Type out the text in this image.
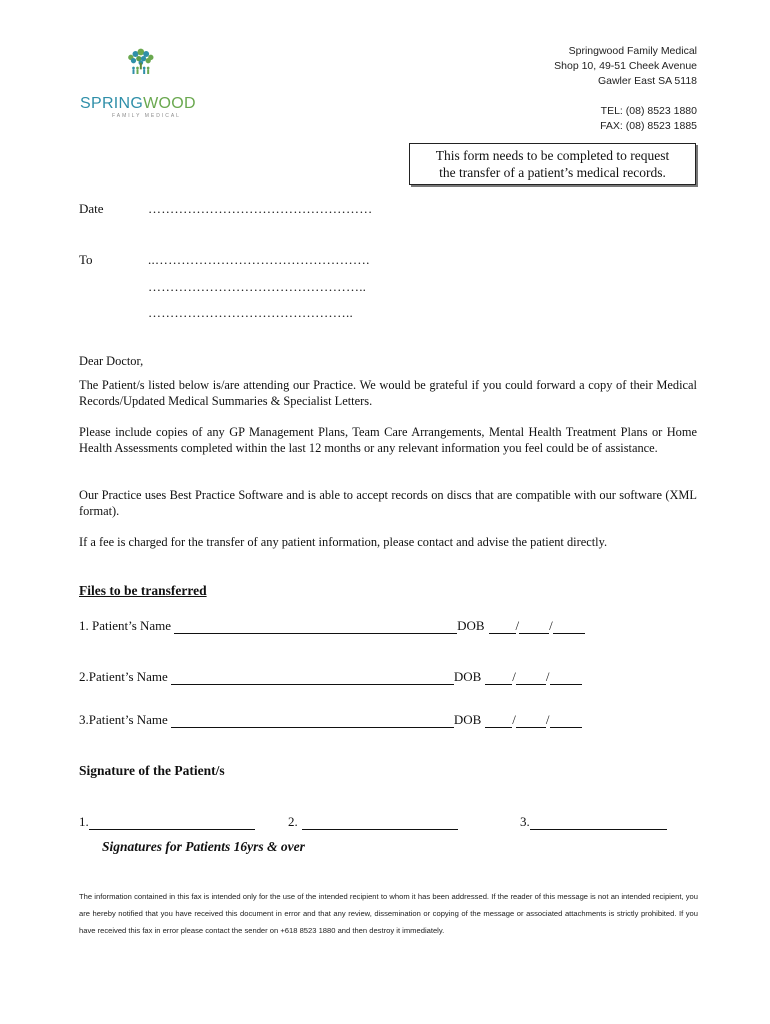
SPRINGWOOD
FAMILY MEDICAL
Springwood Family Medical
Shop 10, 49-51 Cheek Avenue
Gawler East SA 5118
TEL: (08) 8523 1880
FAX: (08) 8523 1885
This form needs to be completed to request
the transfer of a patient’s medical records.
Date	……………………………………………
To	..………………………………………….
…………………………………………..
………………………………………..
Dear Doctor,
The Patient/s listed below is/are attending our Practice. We would be grateful if you could forward a copy of their Medical Records/Updated Medical Summaries & Specialist Letters.
Please include copies of any GP Management Plans, Team Care Arrangements, Mental Health Treatment Plans or Home Health Assessments completed within the last 12 months or any relevant information you feel could be of assistance.
Our Practice uses Best Practice Software and is able to accept records on discs that are compatible with our software (XML format).
If a fee is charged for the transfer of any patient information, please contact and advise the patient directly.
Files to be transferred
1. Patient’s Name	DOB / /
2.Patient’s Name	DOB / /
3.Patient’s Name	DOB / /
Signature of the Patient/s
1.	2.	3.
Signatures for Patients 16yrs & over
The information contained in this fax is intended only for the use of the intended recipient to whom it has been addressed. If the reader of this message is not an intended recipient, you are hereby notified that you have received this document in error and that any review, dissemination or copying of the message or associated attachments is strictly prohibited. If you have received this fax in error please contact the sender on +618 8523 1880 and then destroy it immediately.
